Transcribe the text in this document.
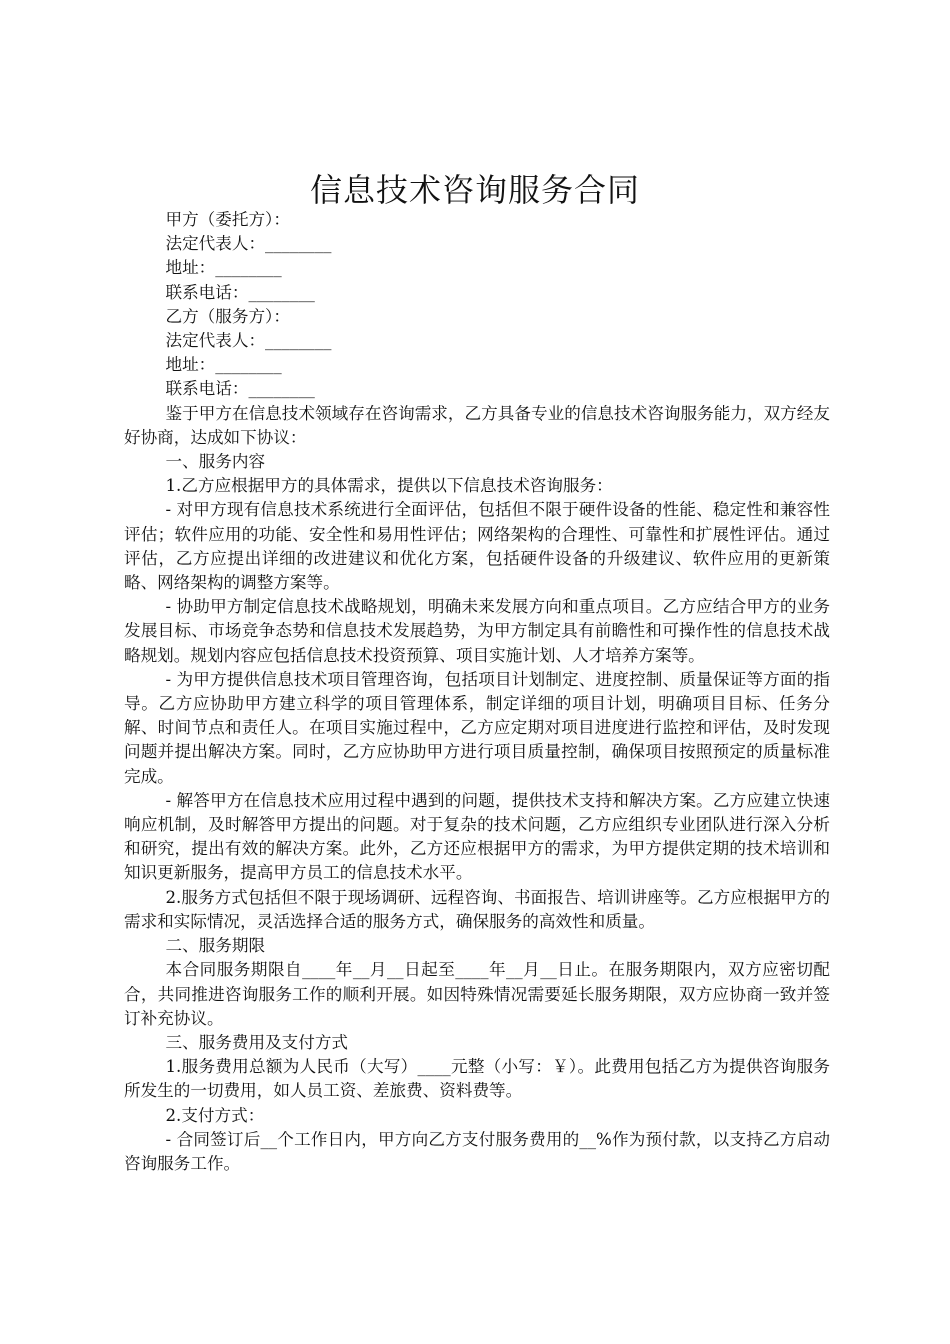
信息技术咨询服务合同

甲方（委托方）：

法定代表人：________

地址：________

联系电话：________

乙方（服务方）：

法定代表人：________

地址：________

联系电话：________

鉴于甲方在信息技术领域存在咨询需求，乙方具备专业的信息技术咨询服务能力，双方经友好协商，达成如下协议：

一、服务内容

1.乙方应根据甲方的具体需求，提供以下信息技术咨询服务：

- 对甲方现有信息技术系统进行全面评估，包括但不限于硬件设备的性能、稳定性和兼容性评估；软件应用的功能、安全性和易用性评估；网络架构的合理性、可靠性和扩展性评估。通过评估，乙方应提出详细的改进建议和优化方案，包括硬件设备的升级建议、软件应用的更新策略、网络架构的调整方案等。

- 协助甲方制定信息技术战略规划，明确未来发展方向和重点项目。乙方应结合甲方的业务发展目标、市场竞争态势和信息技术发展趋势，为甲方制定具有前瞻性和可操作性的信息技术战略规划。规划内容应包括信息技术投资预算、项目实施计划、人才培养方案等。

- 为甲方提供信息技术项目管理咨询，包括项目计划制定、进度控制、质量保证等方面的指导。乙方应协助甲方建立科学的项目管理体系，制定详细的项目计划，明确项目目标、任务分解、时间节点和责任人。在项目实施过程中，乙方应定期对项目进度进行监控和评估，及时发现问题并提出解决方案。同时，乙方应协助甲方进行项目质量控制，确保项目按照预定的质量标准完成。

- 解答甲方在信息技术应用过程中遇到的问题，提供技术支持和解决方案。乙方应建立快速响应机制，及时解答甲方提出的问题。对于复杂的技术问题，乙方应组织专业团队进行深入分析和研究，提出有效的解决方案。此外，乙方还应根据甲方的需求，为甲方提供定期的技术培训和知识更新服务，提高甲方员工的信息技术水平。

2.服务方式包括但不限于现场调研、远程咨询、书面报告、培训讲座等。乙方应根据甲方的需求和实际情况，灵活选择合适的服务方式，确保服务的高效性和质量。

二、服务期限

本合同服务期限自____年__月__日起至____年__月__日止。在服务期限内，双方应密切配合，共同推进咨询服务工作的顺利开展。如因特殊情况需要延长服务期限，双方应协商一致并签订补充协议。

三、服务费用及支付方式

1.服务费用总额为人民币（大写）____元整（小写：￥）。此费用包括乙方为提供咨询服务所发生的一切费用，如人员工资、差旅费、资料费等。

2.支付方式：

- 合同签订后__个工作日内，甲方向乙方支付服务费用的__%作为预付款，以支持乙方启动咨询服务工作。
